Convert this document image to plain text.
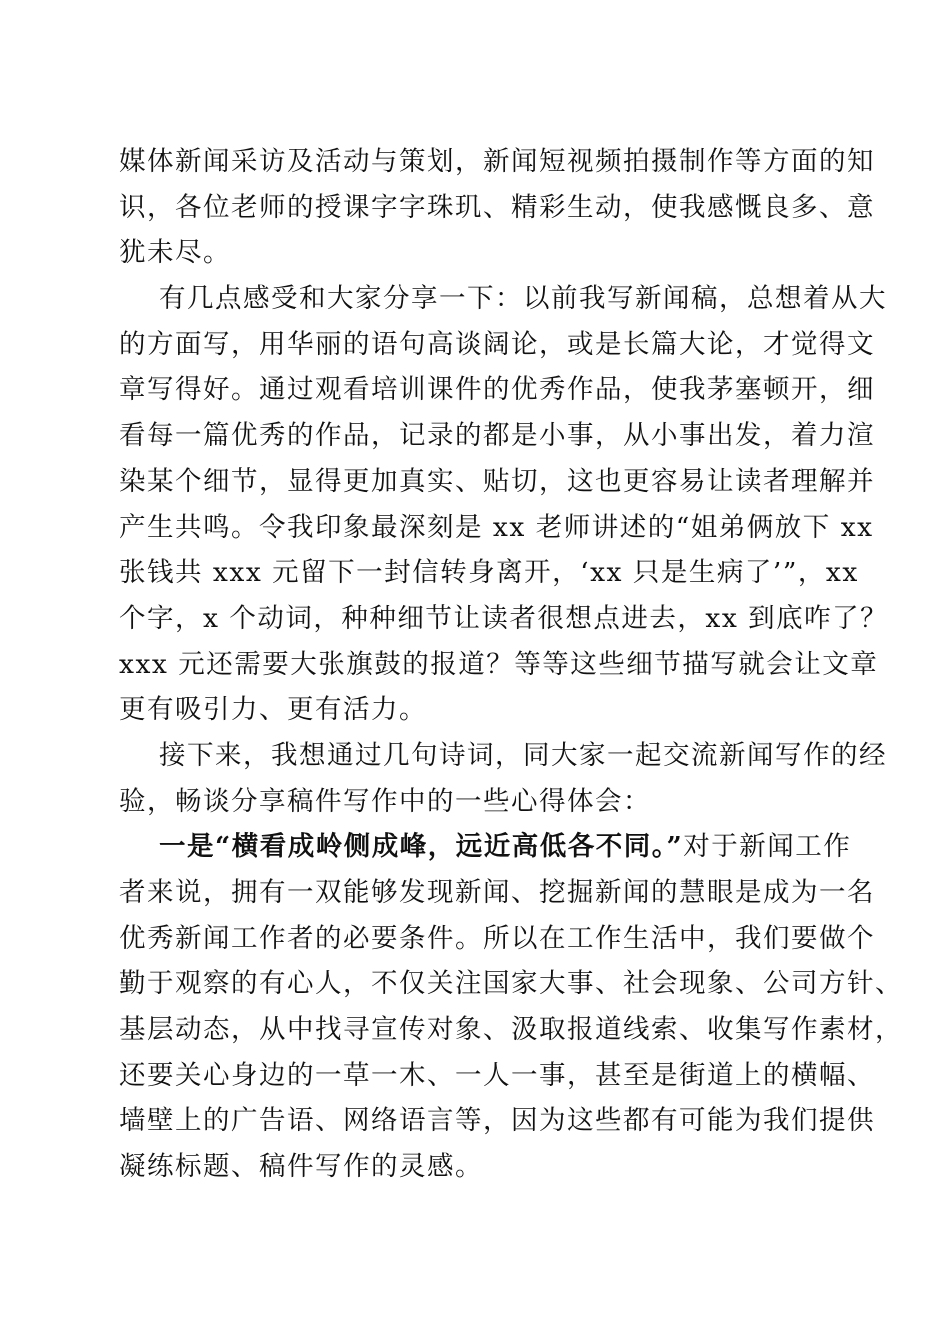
媒体新闻采访及活动与策划，新闻短视频拍摄制作等方面的知
识，各位老师的授课字字珠玑、精彩生动，使我感慨良多、意
犹未尽。
有几点感受和大家分享一下：以前我写新闻稿，总想着从大
的方面写，用华丽的语句高谈阔论，或是长篇大论，才觉得文
章写得好。通过观看培训课件的优秀作品，使我茅塞顿开，细
看每一篇优秀的作品，记录的都是小事，从小事出发，着力渲
染某个细节，显得更加真实、贴切，这也更容易让读者理解并
产生共鸣。令我印象最深刻是 xx 老师讲述的“姐弟俩放下 xx
张钱共 xxx 元留下一封信转身离开，‘xx 只是生病了’”，xx
个字，x 个动词，种种细节让读者很想点进去，xx 到底咋了？
xxx 元还需要大张旗鼓的报道？等等这些细节描写就会让文章
更有吸引力、更有活力。
接下来，我想通过几句诗词，同大家一起交流新闻写作的经
验，畅谈分享稿件写作中的一些心得体会：
一是“横看成岭侧成峰，远近高低各不同。”对于新闻工作
者来说，拥有一双能够发现新闻、挖掘新闻的慧眼是成为一名
优秀新闻工作者的必要条件。所以在工作生活中，我们要做个
勤于观察的有心人，不仅关注国家大事、社会现象、公司方针、
基层动态，从中找寻宣传对象、汲取报道线索、收集写作素材，
还要关心身边的一草一木、一人一事，甚至是街道上的横幅、
墙壁上的广告语、网络语言等，因为这些都有可能为我们提供
凝练标题、稿件写作的灵感。
